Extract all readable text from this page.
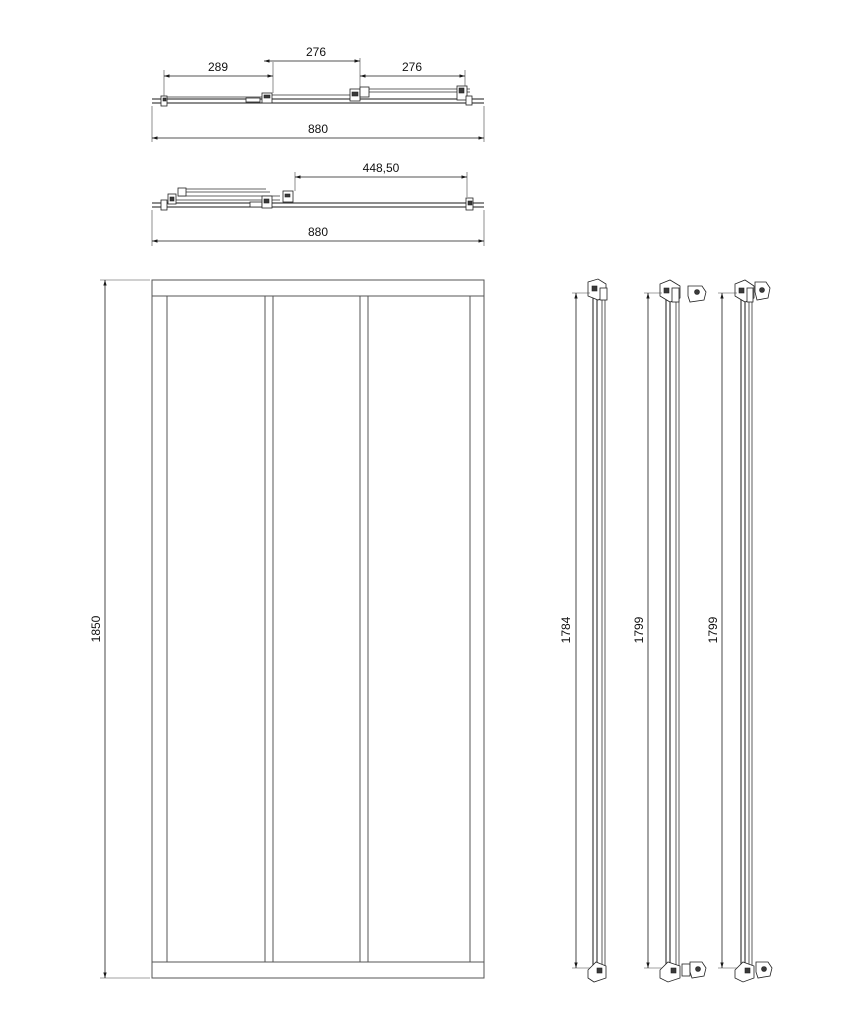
289
276
276
880
448,50
880
1850	1784	1799	1799
